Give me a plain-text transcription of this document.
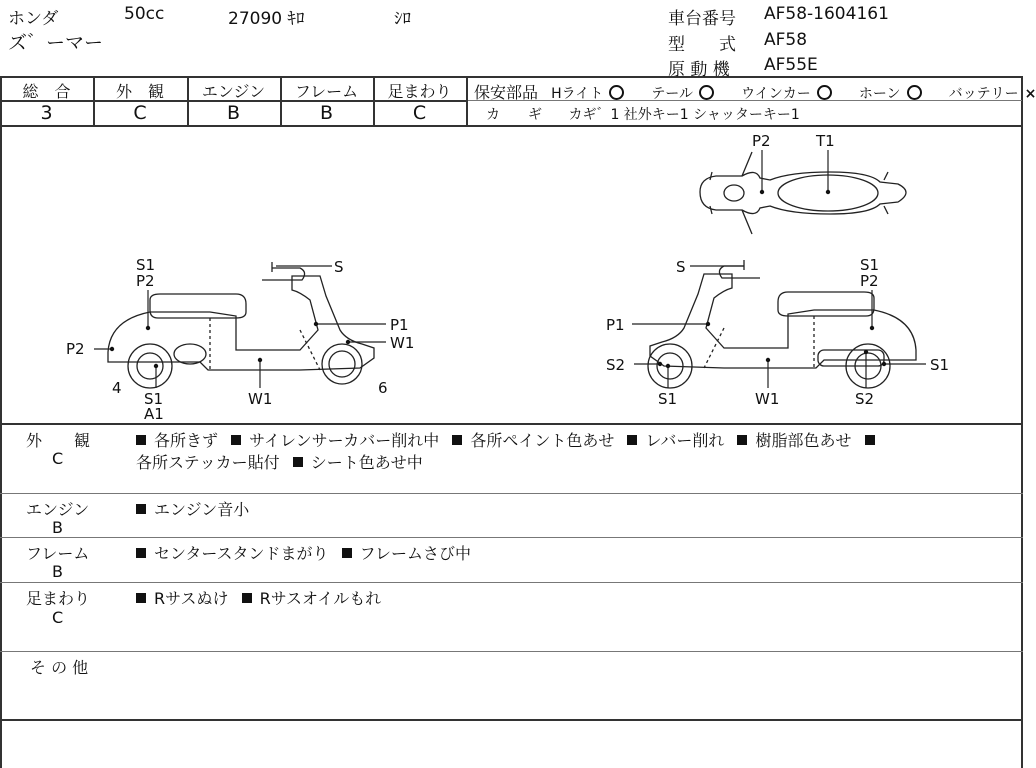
ホンダ	50cc	27090 ｷﾛ	ｼﾛ
ズ゛ーマー
車台番号 AF58-1604161
型　　式 AF58
原 動 機 AF55E
総　合
3
外　観
C
エンジン
B
フレーム
B
足まわり
C
保安部品 Hライト	テール	ウインカー	ホーン	バッテリー ×
カ　　ギ カギ゛1 社外キー1 シャッターキー1
P2	T1
S1
P2
S
P1
W1
P2
4
S1
A1
W1
6
S	S1
P2
P1
S2	S1
S1	W1	S2
外　　観
C
各所きず サイレンサーカバー削れ中 各所ペイント色あせ レバー削れ 樹脂部色あせ
各所ステッカー貼付 シート色あせ中
エンジン
B
エンジン音小
フレーム
B
センタースタンドまがり フレームさび中
足まわり
C
Rサスぬけ Rサスオイルもれ
そ の 他
